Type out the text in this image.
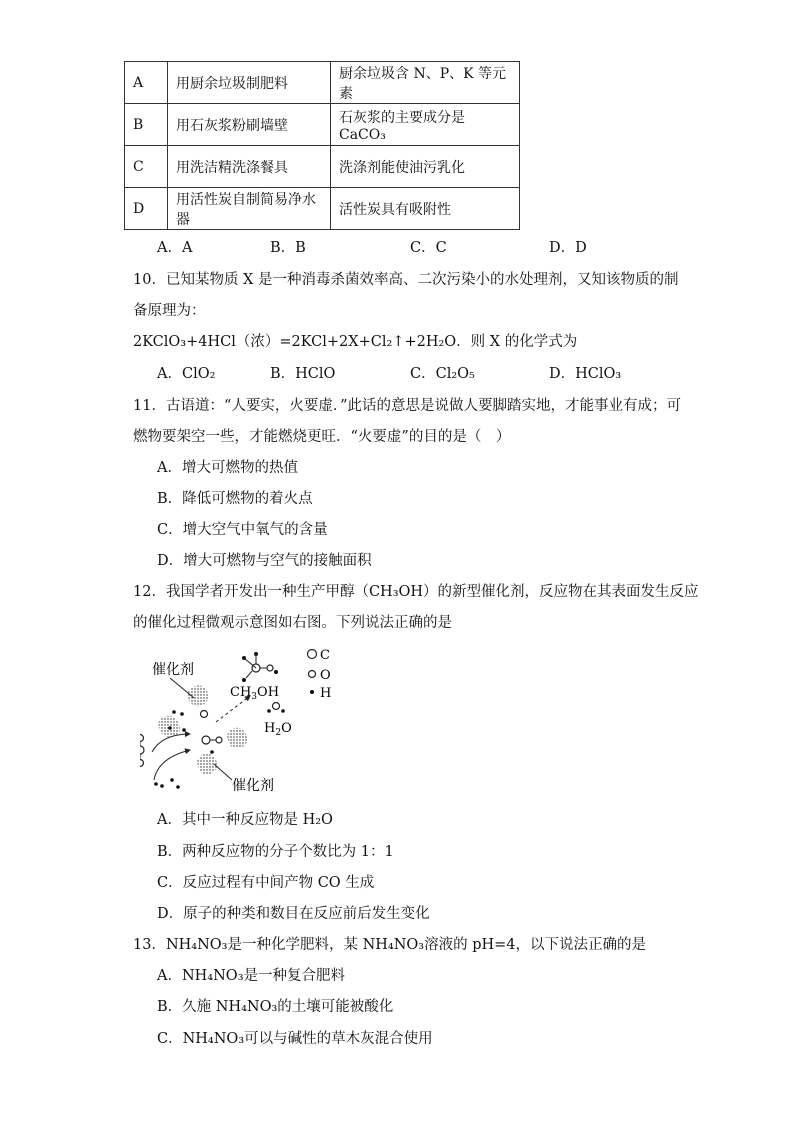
A	用厨余垃圾制肥料	厨余垃圾含 N、P、K 等元素
B	用石灰浆粉刷墙壁	石灰浆的主要成分是 CaCO₃
C	用洗洁精洗涤餐具	洗涤剂能使油污乳化
D	用活性炭自制简易净水器	活性炭具有吸附性
A．A	B．B	C．C	D．D
10．已知某物质 X 是一种消毒杀菌效率高、二次污染小的水处理剂，又知该物质的制
备原理为：
2KClO₃+4HCl（浓）=2KCl+2X+Cl₂↑+2H₂O．则 X 的化学式为
A．ClO₂	B．HClO	C．Cl₂O₅	D．HClO₃
11．古语道：“人要实，火要虚．”此话的意思是说做人要脚踏实地，才能事业有成；可
燃物要架空一些，才能燃烧更旺．“火要虚”的目的是（　）
A．增大可燃物的热值
B．降低可燃物的着火点
C．增大空气中氧气的含量
D．增大可燃物与空气的接触面积
12．我国学者开发出一种生产甲醇（CH₃OH）的新型催化剂，反应物在其表面发生反应
的催化过程微观示意图如右图。下列说法正确的是
催化剂
$CH_3OH$
$H_2O$
催化剂
C
O
H
A．其中一种反应物是 H₂O
B．两种反应物的分子个数比为 1：1
C．反应过程有中间产物 CO 生成
D．原子的种类和数目在反应前后发生变化
13．NH₄NO₃是一种化学肥料，某 NH₄NO₃溶液的 pH=4，以下说法正确的是
A．NH₄NO₃是一种复合肥料
B．久施 NH₄NO₃的土壤可能被酸化
C．NH₄NO₃可以与碱性的草木灰混合使用
